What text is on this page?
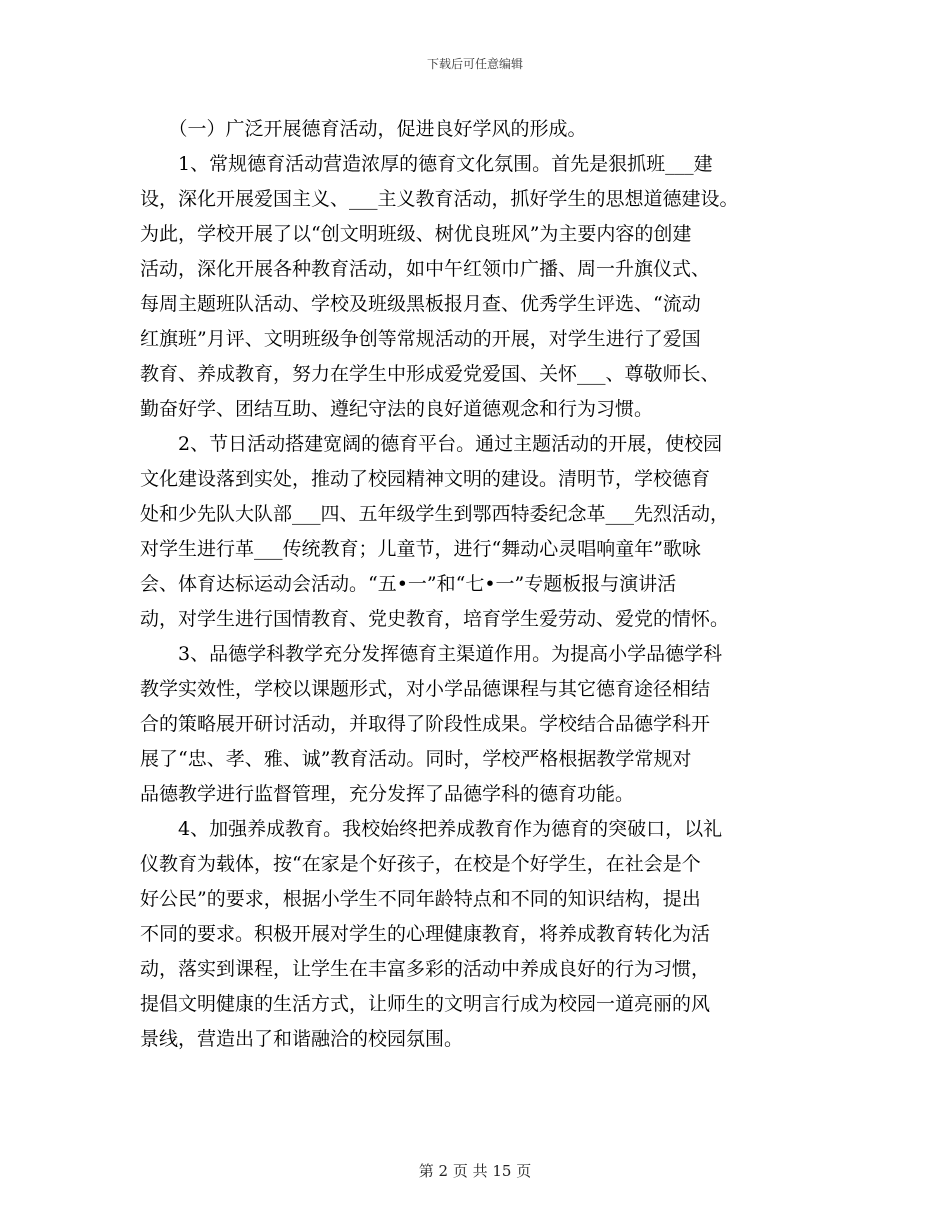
下载后可任意编辑
　　（一）广泛开展德育活动，促进良好学风的形成。
　　1、常规德育活动营造浓厚的德育文化氛围。首先是狠抓班___建
设，深化开展爱国主义、___主义教育活动，抓好学生的思想道德建设。
为此，学校开展了以“创文明班级、树优良班风”为主要内容的创建
活动，深化开展各种教育活动，如中午红领巾广播、周一升旗仪式、
每周主题班队活动、学校及班级黑板报月查、优秀学生评选、“流动
红旗班”月评、文明班级争创等常规活动的开展，对学生进行了爱国
教育、养成教育，努力在学生中形成爱党爱国、关怀___、尊敬师长、
勤奋好学、团结互助、遵纪守法的良好道德观念和行为习惯。
　　2、节日活动搭建宽阔的德育平台。通过主题活动的开展，使校园
文化建设落到实处，推动了校园精神文明的建设。清明节，学校德育
处和少先队大队部___四、五年级学生到鄂西特委纪念革___先烈活动，
对学生进行革___传统教育；儿童节，进行“舞动心灵唱响童年”歌咏
会、体育达标运动会活动。“五•一”和“七•一”专题板报与演讲活
动，对学生进行国情教育、党史教育，培育学生爱劳动、爱党的情怀。
　　3、品德学科教学充分发挥德育主渠道作用。为提高小学品德学科
教学实效性，学校以课题形式，对小学品德课程与其它德育途径相结
合的策略展开研讨活动，并取得了阶段性成果。学校结合品德学科开
展了“忠、孝、雅、诚”教育活动。同时，学校严格根据教学常规对
品德教学进行监督管理，充分发挥了品德学科的德育功能。
　　4、加强养成教育。我校始终把养成教育作为德育的突破口，以礼
仪教育为载体，按“在家是个好孩子，在校是个好学生，在社会是个
好公民”的要求，根据小学生不同年龄特点和不同的知识结构，提出
不同的要求。积极开展对学生的心理健康教育，将养成教育转化为活
动，落实到课程，让学生在丰富多彩的活动中养成良好的行为习惯，
提倡文明健康的生活方式，让师生的文明言行成为校园一道亮丽的风
景线，营造出了和谐融洽的校园氛围。
第 2 页 共 15 页
